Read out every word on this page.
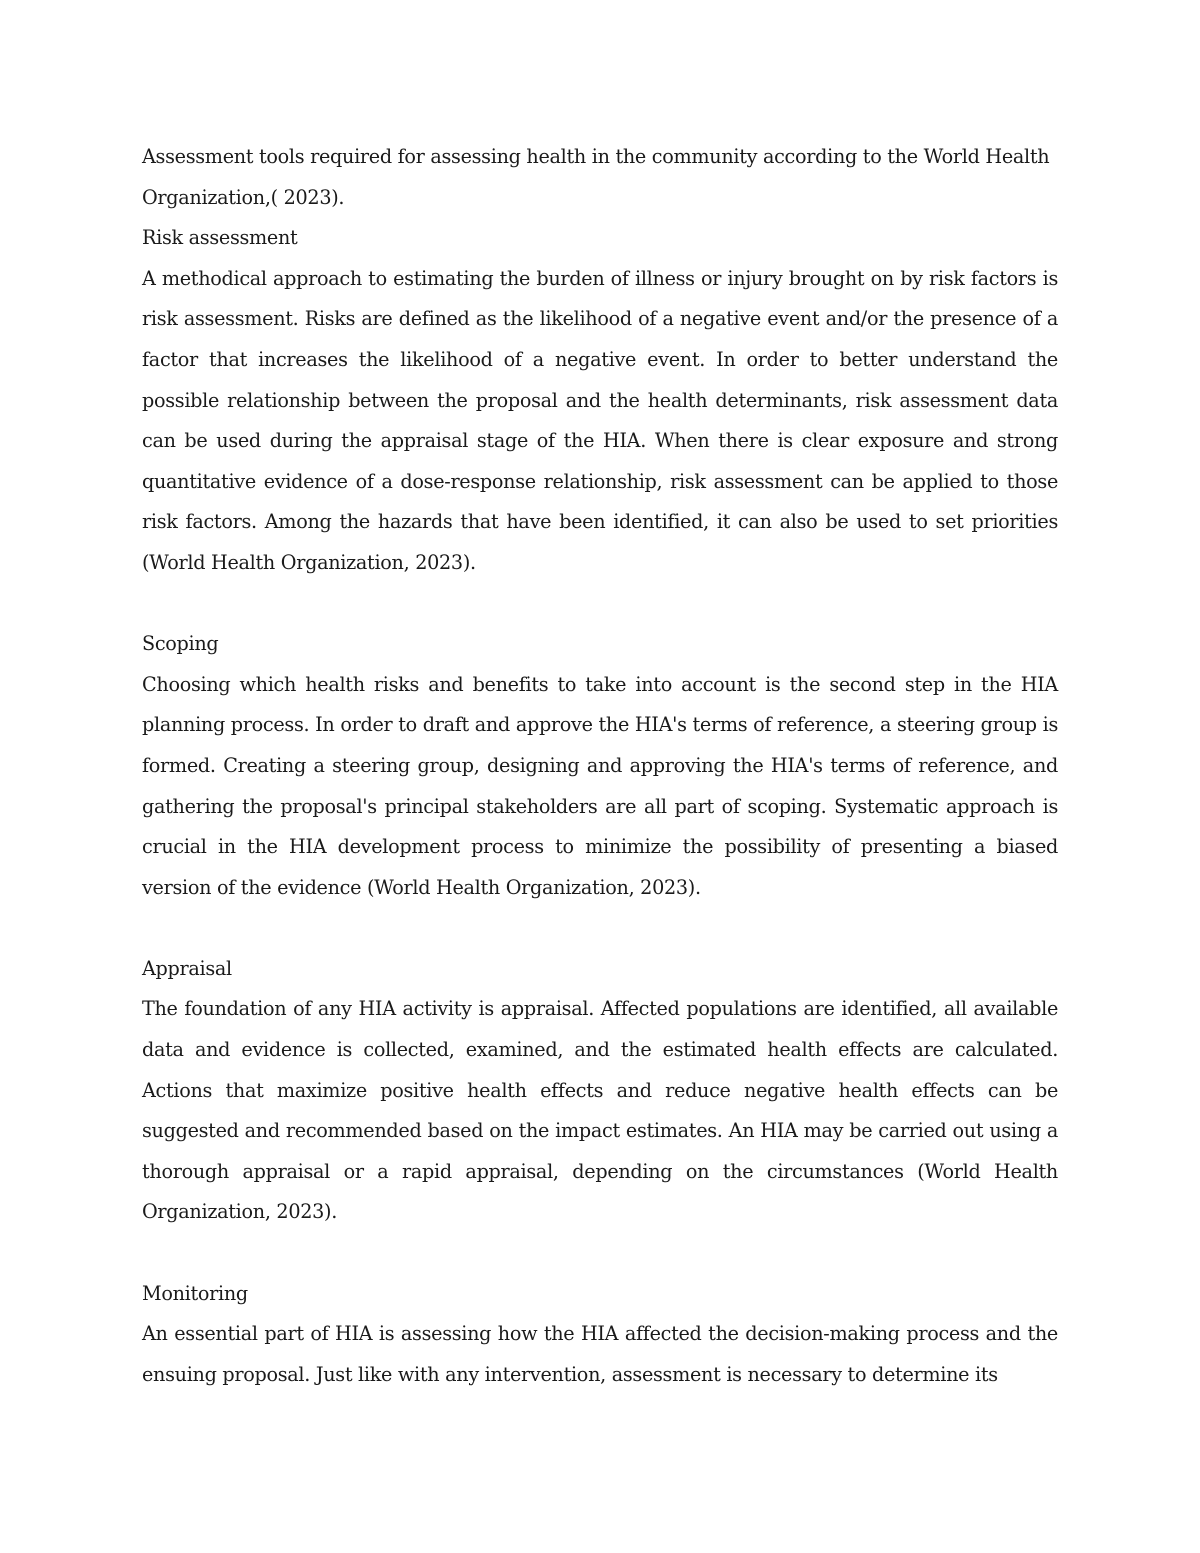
Assessment tools required for assessing health in the community according to the World Health Organization,( 2023).

Risk assessment

A methodical approach to estimating the burden of illness or injury brought on by risk factors is risk assessment. Risks are defined as the likelihood of a negative event and/or the presence of a factor that increases the likelihood of a negative event. In order to better understand the possible relationship between the proposal and the health determinants, risk assessment data can be used during the appraisal stage of the HIA. When there is clear exposure and strong quantitative evidence of a dose-response relationship, risk assessment can be applied to those risk factors. Among the hazards that have been identified, it can also be used to set priorities (World Health Organization, 2023).

Scoping

Choosing which health risks and benefits to take into account is the second step in the HIA planning process. In order to draft and approve the HIA's terms of reference, a steering group is formed. Creating a steering group, designing and approving the HIA's terms of reference, and gathering the proposal's principal stakeholders are all part of scoping. Systematic approach is crucial in the HIA development process to minimize the possibility of presenting a biased version of the evidence (World Health Organization, 2023).

Appraisal

The foundation of any HIA activity is appraisal. Affected populations are identified, all available data and evidence is collected, examined, and the estimated health effects are calculated. Actions that maximize positive health effects and reduce negative health effects can be suggested and recommended based on the impact estimates. An HIA may be carried out using a thorough appraisal or a rapid appraisal, depending on the circumstances (World Health Organization, 2023).

Monitoring

An essential part of HIA is assessing how the HIA affected the decision-making process and the ensuing proposal. Just like with any intervention, assessment is necessary to determine its
